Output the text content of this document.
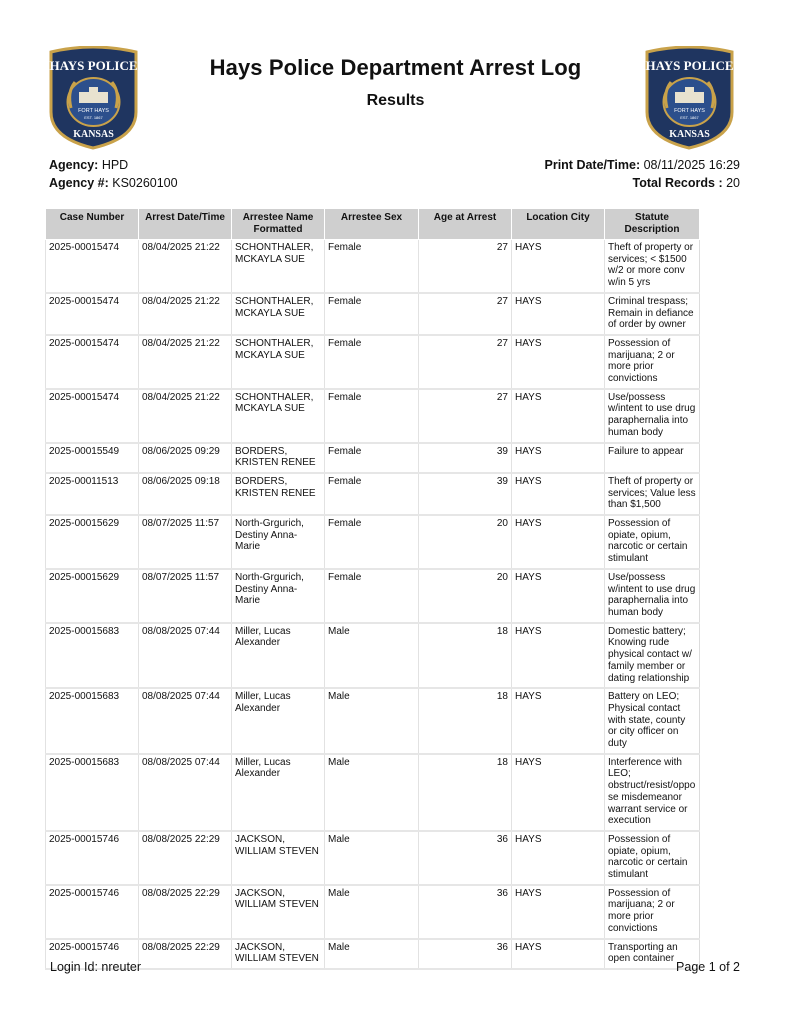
HAYS POLICE
FORT HAYS
EST. 1867
KANSAS
HAYS POLICE
FORT HAYS
EST. 1867
KANSAS
Hays Police Department Arrest Log
Results
Agency: HPD
Agency #: KS0260100
Print Date/Time: 08/11/2025 16:29
Total Records : 20
Case Number	Arrest Date/Time	Arrestee Name Formatted	Arrestee Sex	Age at Arrest	Location City	Statute Description
2025-00015474	08/04/2025 21:22	SCHONTHALER, MCKAYLA SUE	Female	27	HAYS	Theft of property or services; < $1500 w/2 or more conv w/in 5 yrs
2025-00015474	08/04/2025 21:22	SCHONTHALER, MCKAYLA SUE	Female	27	HAYS	Criminal trespass; Remain in defiance of order by owner
2025-00015474	08/04/2025 21:22	SCHONTHALER, MCKAYLA SUE	Female	27	HAYS	Possession of marijuana; 2 or more prior convictions
2025-00015474	08/04/2025 21:22	SCHONTHALER, MCKAYLA SUE	Female	27	HAYS	Use/possess w/intent to use drug paraphernalia into human body
2025-00015549	08/06/2025 09:29	BORDERS, KRISTEN RENEE	Female	39	HAYS	Failure to appear
2025-00011513	08/06/2025 09:18	BORDERS, KRISTEN RENEE	Female	39	HAYS	Theft of property or services; Value less than $1,500
2025-00015629	08/07/2025 11:57	North-Grgurich, Destiny Anna-Marie	Female	20	HAYS	Possession of opiate, opium, narcotic or certain stimulant
2025-00015629	08/07/2025 11:57	North-Grgurich, Destiny Anna-Marie	Female	20	HAYS	Use/possess w/intent to use drug paraphernalia into human body
2025-00015683	08/08/2025 07:44	Miller, Lucas Alexander	Male	18	HAYS	Domestic battery; Knowing rude physical contact w/ family member or dating relationship
2025-00015683	08/08/2025 07:44	Miller, Lucas Alexander	Male	18	HAYS	Battery on LEO; Physical contact with state, county or city officer on duty
2025-00015683	08/08/2025 07:44	Miller, Lucas Alexander	Male	18	HAYS	Interference with LEO; obstruct/resist/oppose misdemeanor warrant service or execution
2025-00015746	08/08/2025 22:29	JACKSON, WILLIAM STEVEN	Male	36	HAYS	Possession of opiate, opium, narcotic or certain stimulant
2025-00015746	08/08/2025 22:29	JACKSON, WILLIAM STEVEN	Male	36	HAYS	Possession of marijuana; 2 or more prior convictions
2025-00015746	08/08/2025 22:29	JACKSON, WILLIAM STEVEN	Male	36	HAYS	Transporting an open container
Login Id: nreuter	Page 1 of 2
